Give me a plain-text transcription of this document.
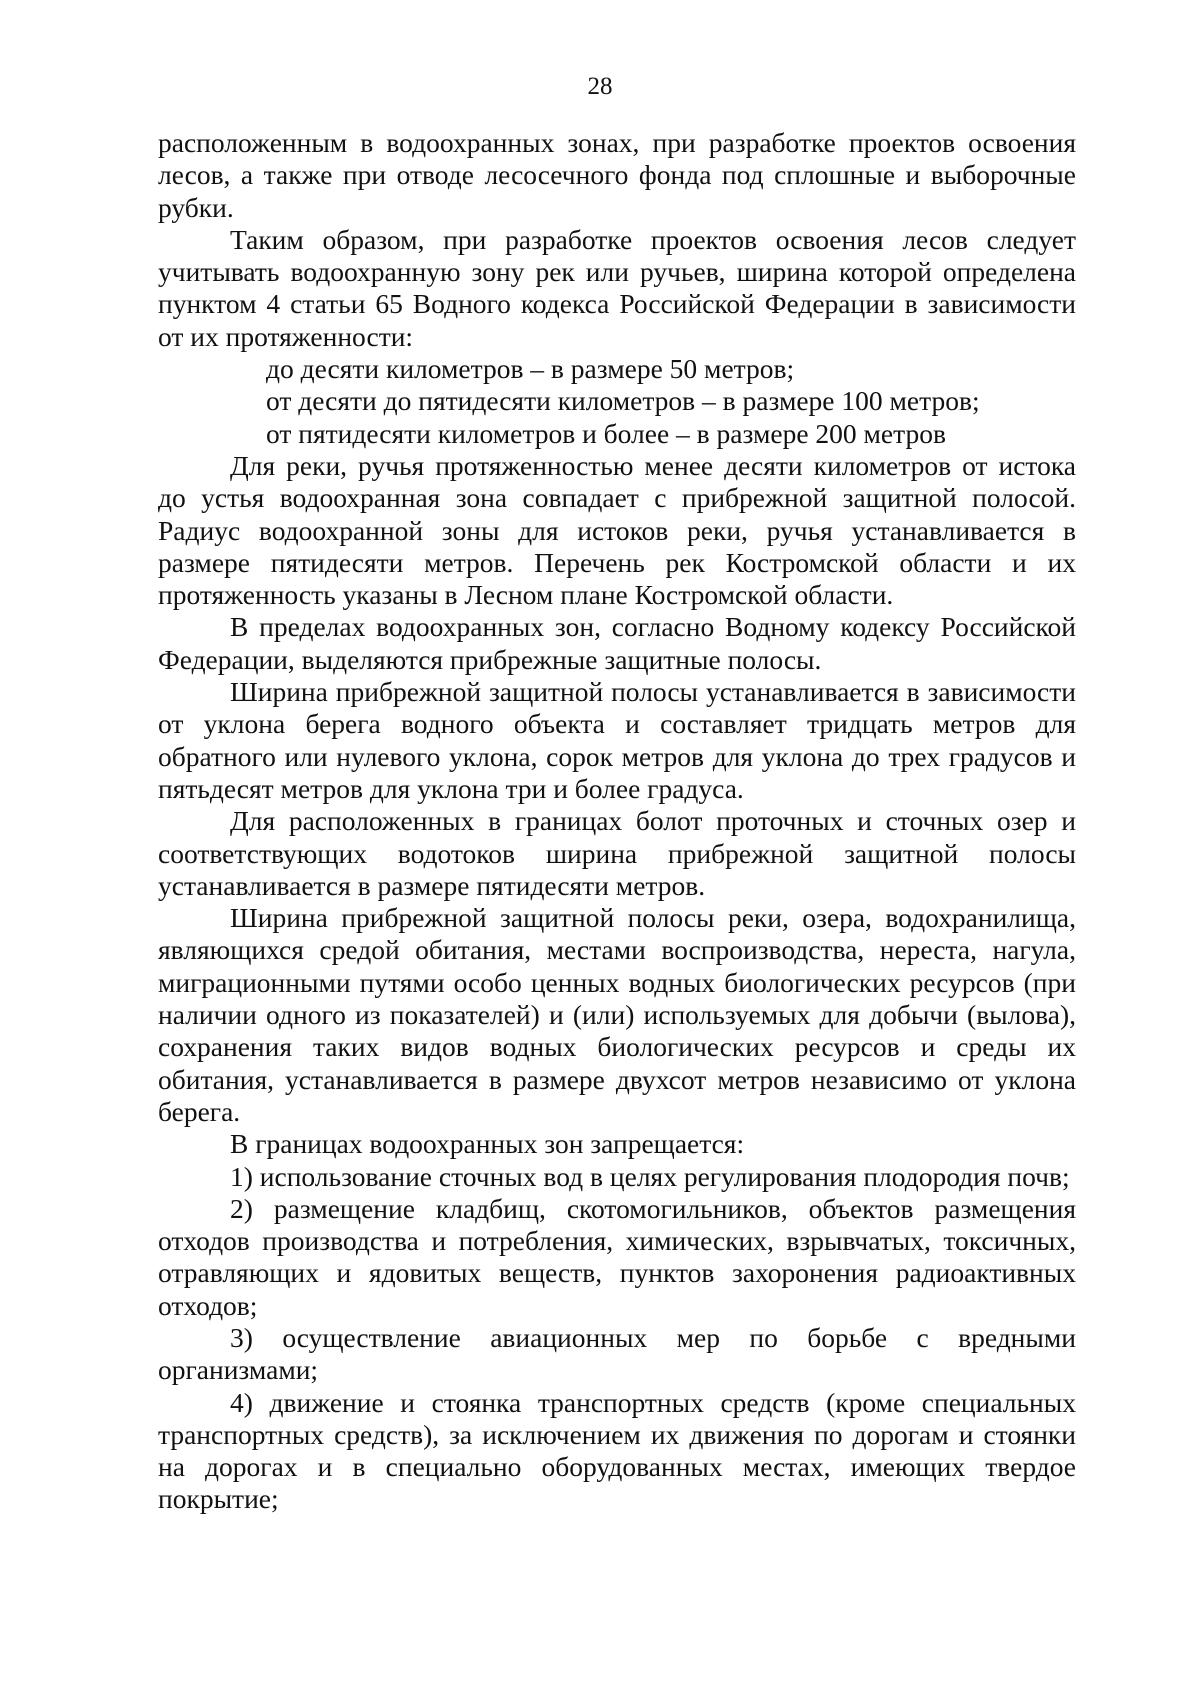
28

расположенным в водоохранных зонах, при разработке проектов освоения лесов, а также при отводе лесосечного фонда под сплошные и выборочные рубки.

Таким образом, при разработке проектов освоения лесов следует учитывать водоохранную зону рек или ручьев, ширина которой определена пунктом 4 статьи 65 Водного кодекса Российской Федерации в зависимости от их протяженности:

до десяти километров – в размере 50 метров;

от десяти до пятидесяти километров – в размере 100 метров;

от пятидесяти километров и более – в размере 200 метров

Для реки, ручья протяженностью менее десяти километров от истока до устья водоохранная зона совпадает с прибрежной защитной полосой. Радиус водоохранной зоны для истоков реки, ручья устанавливается в размере пятидесяти метров. Перечень рек Костромской области и их протяженность указаны в Лесном плане Костромской области.

В пределах водоохранных зон, согласно Водному кодексу Российской Федерации, выделяются прибрежные защитные полосы.

Ширина прибрежной защитной полосы устанавливается в зависимости от уклона берега водного объекта и составляет тридцать метров для обратного или нулевого уклона, сорок метров для уклона до трех градусов и пятьдесят метров для уклона три и более градуса.

Для расположенных в границах болот проточных и сточных озер и соответствующих водотоков ширина прибрежной защитной полосы устанавливается в размере пятидесяти метров.

Ширина прибрежной защитной полосы реки, озера, водохранилища, являющихся средой обитания, местами воспроизводства, нереста, нагула, миграционными путями особо ценных водных биологических ресурсов (при наличии одного из показателей) и (или) используемых для добычи (вылова), сохранения таких видов водных биологических ресурсов и среды их обитания, устанавливается в размере двухсот метров независимо от уклона берега.

В границах водоохранных зон запрещается:

1) использование сточных вод в целях регулирования плодородия почв;

2) размещение кладбищ, скотомогильников, объектов размещения отходов производства и потребления, химических, взрывчатых, токсичных, отравляющих и ядовитых веществ, пунктов захоронения радиоактивных отходов;

3) осуществление авиационных мер по борьбе с вредными организмами;

4) движение и стоянка транспортных средств (кроме специальных транспортных средств), за исключением их движения по дорогам и стоянки на дорогах и в специально оборудованных местах, имеющих твердое покрытие;
